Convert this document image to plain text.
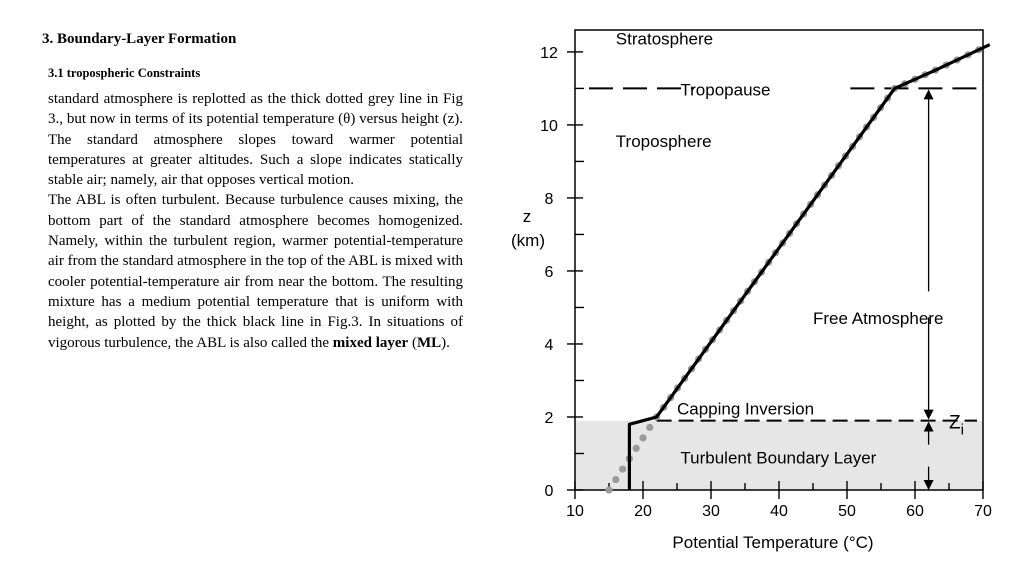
3. Boundary-Layer Formation
3.1 tropospheric Constraints

standard atmosphere is replotted as the thick dotted grey line in Fig 3., but now in terms of its potential temperature (θ) versus height (z). The standard atmosphere slopes toward warmer potential temperatures at greater altitudes. Such a slope indicates statically stable air; namely, air that opposes vertical motion.

The ABL is often turbulent. Because turbulence causes mixing, the bottom part of the standard atmosphere becomes homogenized. Namely, within the turbulent region, warmer potential-temperature air from the standard atmosphere in the top of the ABL is mixed with cooler potential-temperature air from near the bottom. The resulting mixture has a medium potential temperature that is uniform with height, as plotted by the thick black line in Fig.3. In situations of vigorous turbulence, the ABL is also called the mixed layer (ML).

0
2
4
6
8
10
12
10	20	30	40	50	60	70
Potential Temperature (°C)
z
(km)
Stratosphere
Tropopause
Troposphere
Free Atmosphere
Capping Inversion
Turbulent Boundary Layer
$Z_i$
